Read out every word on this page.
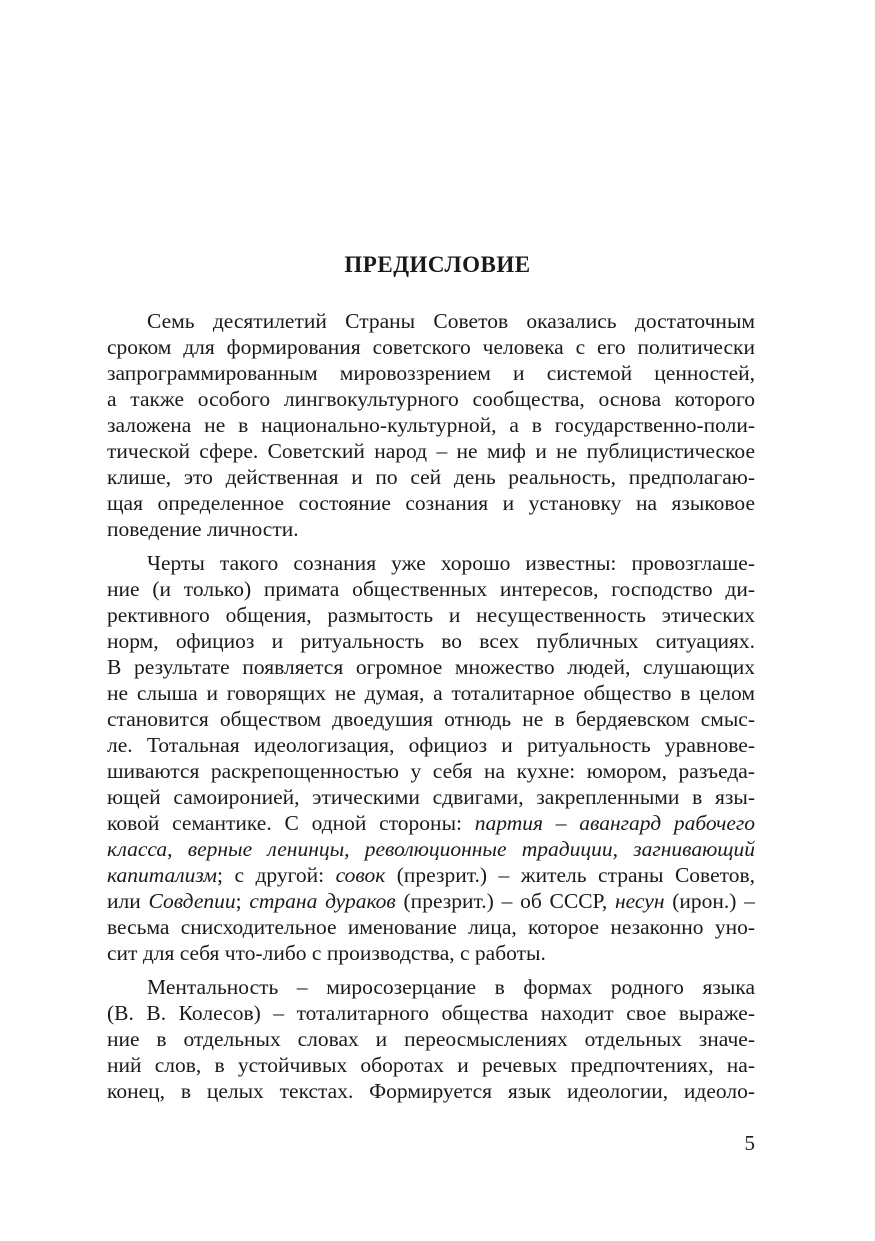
ПРЕДИСЛОВИЕ
Семь десятилетий Страны Советов оказались достаточным
сроком для формирования советского человека с его политически
запрограммированным мировоззрением и системой ценностей,
а также особого лингвокультурного сообщества, основа которого
заложена не в национально-культурной, а в государственно-поли-
тической сфере. Советский народ – не миф и не публицистическое
клише, это действенная и по сей день реальность, предполагаю-
щая определенное состояние сознания и установку на языковое
поведение личности.
Черты такого сознания уже хорошо известны: провозглаше-
ние (и только) примата общественных интересов, господство ди-
рективного общения, размытость и несущественность этических
норм, официоз и ритуальность во всех публичных ситуациях.
В результате появляется огромное множество людей, слушающих
не слыша и говорящих не думая, а тоталитарное общество в целом
становится обществом двоедушия отнюдь не в бердяевском смыс-
ле. Тотальная идеологизация, официоз и ритуальность уравнове-
шиваются раскрепощенностью у себя на кухне: юмором, разъеда-
ющей самоиронией, этическими сдвигами, закрепленными в язы-
ковой семантике. С одной стороны: партия – авангард рабочего
класса, верные ленинцы, революционные традиции, загнивающий
капитализм; с другой: совок (презрит.) – житель страны Советов,
или Совдепии; страна дураков (презрит.) – об СССР, несун (ирон.) –
весьма снисходительное именование лица, которое незаконно уно-
сит для себя что-либо с производства, с работы.
Ментальность – миросозерцание в формах родного языка
(В. В. Колесов) – тоталитарного общества находит свое выраже-
ние в отдельных словах и переосмыслениях отдельных значе-
ний слов, в устойчивых оборотах и речевых предпочтениях, на-
конец, в целых текстах. Формируется язык идеологии, идеоло-

5
